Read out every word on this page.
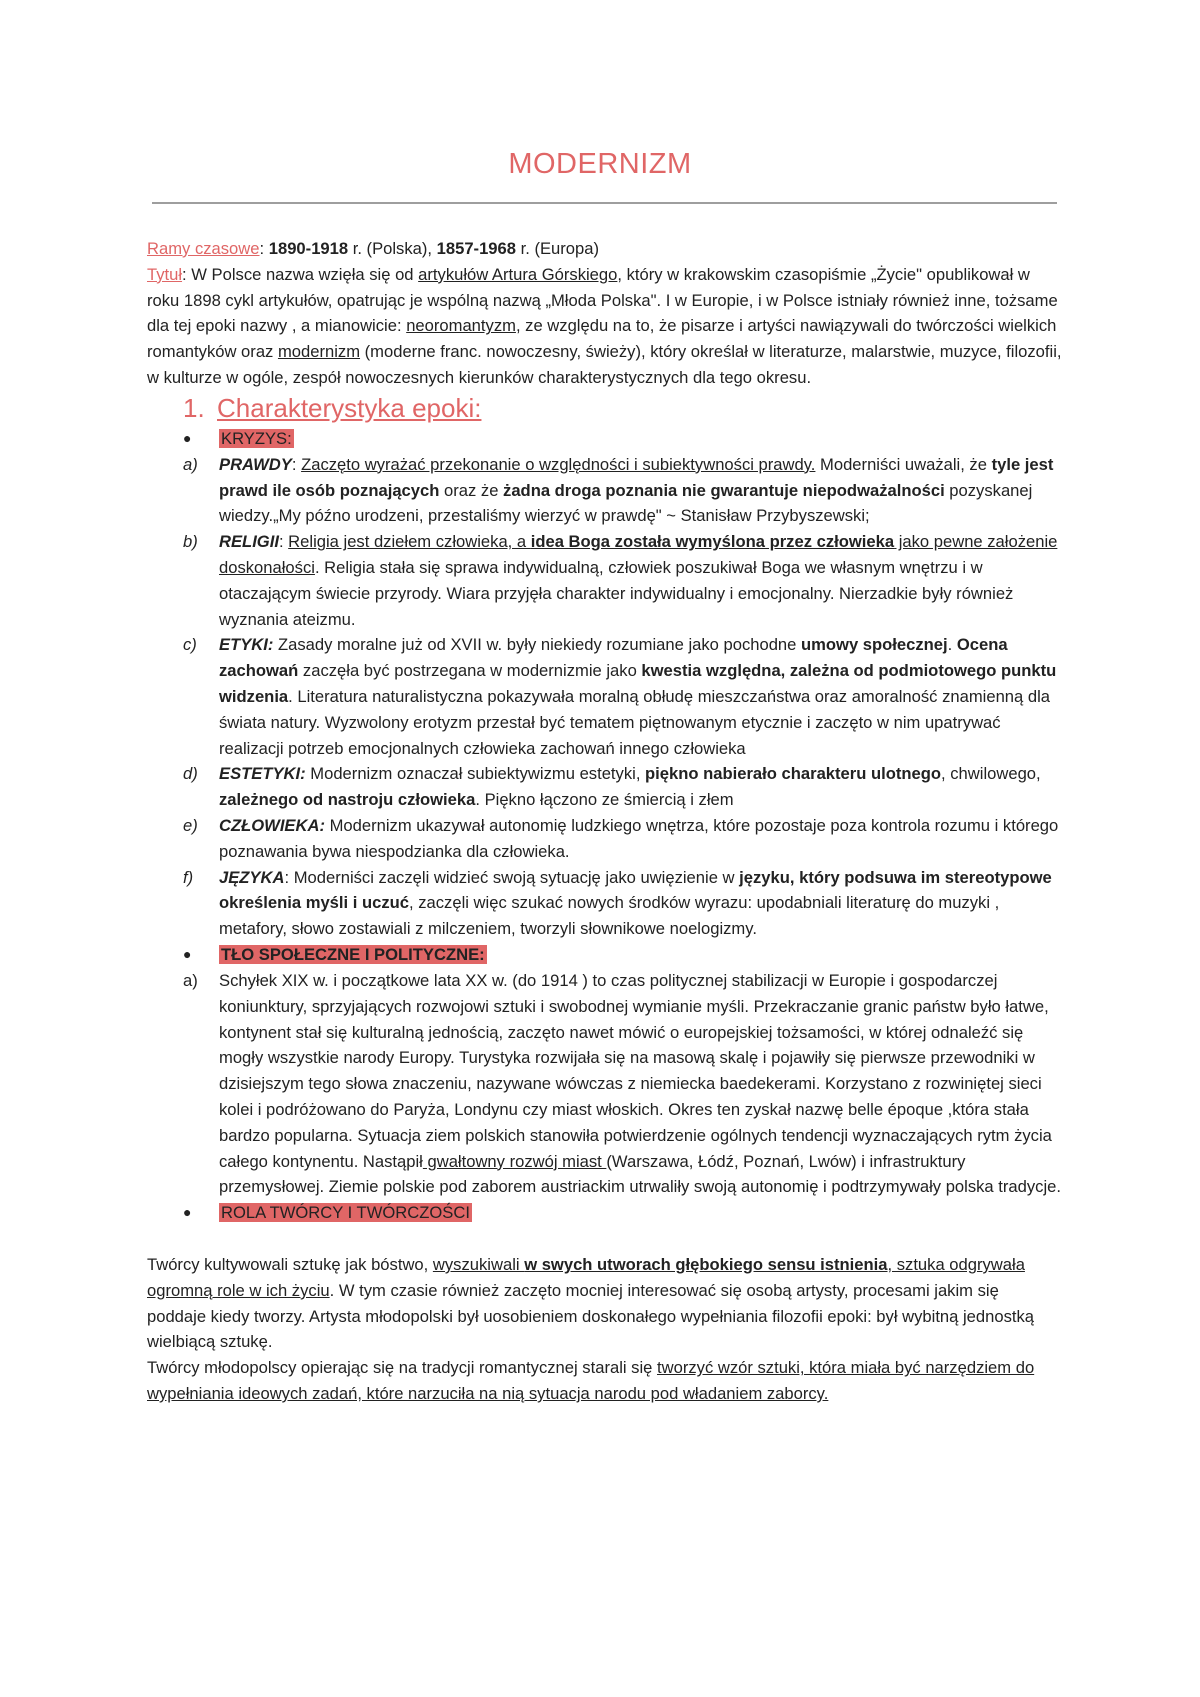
MODERNIZM

Ramy czasowe: 1890-1918 r. (Polska), 1857-1968 r. (Europa)

Tytuł: W Polsce nazwa wzięła się od artykułów Artura Górskiego, który w krakowskim czasopiśmie „Życie" opublikował w roku 1898 cykl artykułów, opatrując je wspólną nazwą „Młoda Polska". I w Europie, i w Polsce istniały również inne, tożsame dla tej epoki nazwy , a mianowicie: neoromantyzm, ze względu na to, że pisarze i artyści nawiązywali do twórczości wielkich romantyków oraz modernizm (moderne franc. nowoczesny, świeży), który określał w literaturze, malarstwie, muzyce, filozofii, w kulturze w ogóle, zespół nowoczesnych kierunków charakterystycznych dla tego okresu.

1. Charakterystyka epoki:
●	KRYZYS:
a) PRAWDY: Zaczęto wyrażać przekonanie o względności i subiektywności prawdy. Moderniści uważali, że tyle jest prawd ile osób poznających oraz że żadna droga poznania nie gwarantuje niepodważalności pozyskanej wiedzy.„My późno urodzeni, przestaliśmy wierzyć w prawdę" ~ Stanisław Przybyszewski;
b) RELIGII: Religia jest dziełem człowieka, a idea Boga została wymyślona przez człowieka jako pewne założenie doskonałości. Religia stała się sprawa indywidualną, człowiek poszukiwał Boga we własnym wnętrzu i w otaczającym świecie przyrody. Wiara przyjęła charakter indywidualny i emocjonalny. Nierzadkie były również wyznania ateizmu.
c) ETYKI: Zasady moralne już od XVII w. były niekiedy rozumiane jako pochodne umowy społecznej. Ocena zachowań zaczęła być postrzegana w modernizmie jako kwestia względna, zależna od podmiotowego punktu widzenia. Literatura naturalistyczna pokazywała moralną obłudę mieszczaństwa oraz amoralność znamienną dla świata natury. Wyzwolony erotyzm przestał być tematem piętnowanym etycznie i zaczęto w nim upatrywać realizacji potrzeb emocjonalnych człowieka zachowań innego człowieka
d) ESTETYKI: Modernizm oznaczał subiektywizmu estetyki, piękno nabierało charakteru ulotnego, chwilowego, zależnego od nastroju człowieka. Piękno łączono ze śmiercią i złem
e) CZŁOWIEKA: Modernizm ukazywał autonomię ludzkiego wnętrza, które pozostaje poza kontrola rozumu i którego poznawania bywa niespodzianka dla człowieka.
f) JĘZYKA: Moderniści zaczęli widzieć swoją sytuację jako uwięzienie w języku, który podsuwa im stereotypowe określenia myśli i uczuć, zaczęli więc szukać nowych środków wyrazu: upodabniali literaturę do muzyki , metafory, słowo zostawiali z milczeniem, tworzyli słownikowe noelogizmy.
●	TŁO SPOŁECZNE I POLITYCZNE:
a) Schyłek XIX w. i początkowe lata XX w. (do 1914 ) to czas politycznej stabilizacji w Europie i gospodarczej koniunktury, sprzyjających rozwojowi sztuki i swobodnej wymianie myśli. Przekraczanie granic państw było łatwe, kontynent stał się kulturalną jednością, zaczęto nawet mówić o europejskiej tożsamości, w której odnaleźć się mogły wszystkie narody Europy. Turystyka rozwijała się na masową skalę i pojawiły się pierwsze przewodniki w dzisiejszym tego słowa znaczeniu, nazywane wówczas z niemiecka baedekerami. Korzystano z rozwiniętej sieci kolei i podróżowano do Paryża, Londynu czy miast włoskich. Okres ten zyskał nazwę belle époque ,która stała bardzo popularna. Sytuacja ziem polskich stanowiła potwierdzenie ogólnych tendencji wyznaczających rytm życia całego kontynentu. Nastąpił gwałtowny rozwój miast (Warszawa, Łódź, Poznań, Lwów) i infrastruktury przemysłowej. Ziemie polskie pod zaborem austriackim utrwaliły swoją autonomię i podtrzymywały polska tradycje.
●	ROLA TWÓRCY I TWÓRCZOŚCI

Twórcy kultywowali sztukę jak bóstwo, wyszukiwali w swych utworach głębokiego sensu istnienia, sztuka odgrywała ogromną role w ich życiu. W tym czasie również zaczęto mocniej interesować się osobą artysty, procesami jakim się poddaje kiedy tworzy. Artysta młodopolski był uosobieniem doskonałego wypełniania filozofii epoki: był wybitną jednostką wielbiącą sztukę.

Twórcy młodopolscy opierając się na tradycji romantycznej starali się tworzyć wzór sztuki, która miała być narzędziem do wypełniania ideowych zadań, które narzuciła na nią sytuacja narodu pod władaniem zaborcy.
